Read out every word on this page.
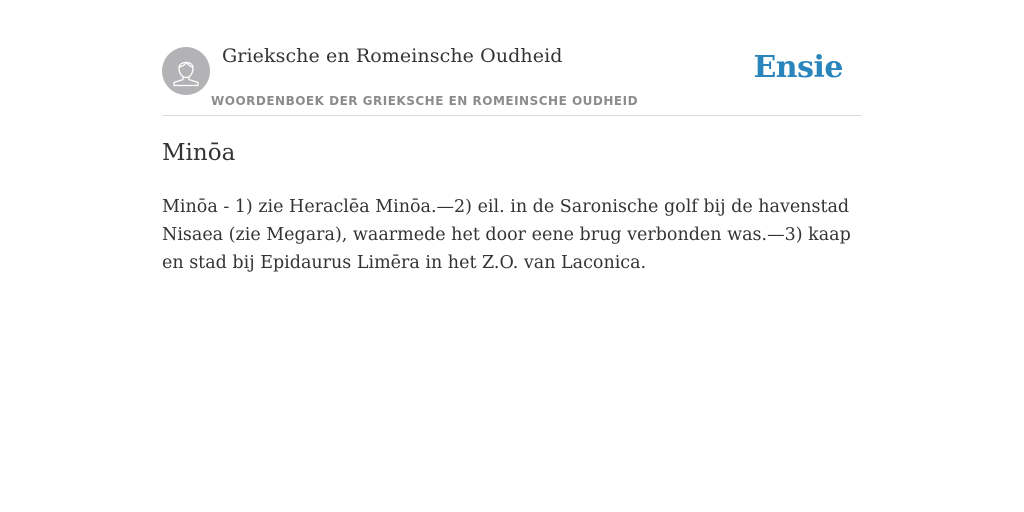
Grieksche en Romeinsche Oudheid
WOORDENBOEK DER GRIEKSCHE EN ROMEINSCHE OUDHEID
Ensie
Minōa

Minōa - 1) zie Heraclēa Minōa.—2) eil. in de Saronische golf bij de havenstad Nisaea (zie Megara), waarmede het door eene brug verbonden was.—3) kaap en stad bij Epidaurus Limēra in het Z.O. van Laconica.
